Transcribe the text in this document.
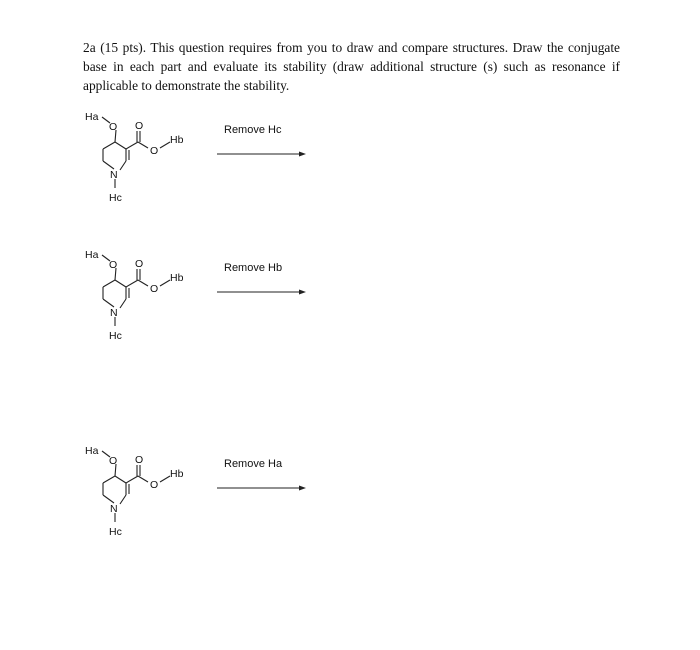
2a (15 pts). This question requires from you to draw and compare structures. Draw the conjugate base in each part and evaluate its stability (draw additional structure (s) such as resonance if applicable to demonstrate the stability.

Ha
O O
O
Hb
N
Hc
Remove Hc
Ha
O O
O
Hb
N
Hc
Remove Hb
Ha
O O
O
Hb
N
Hc
Remove Ha
